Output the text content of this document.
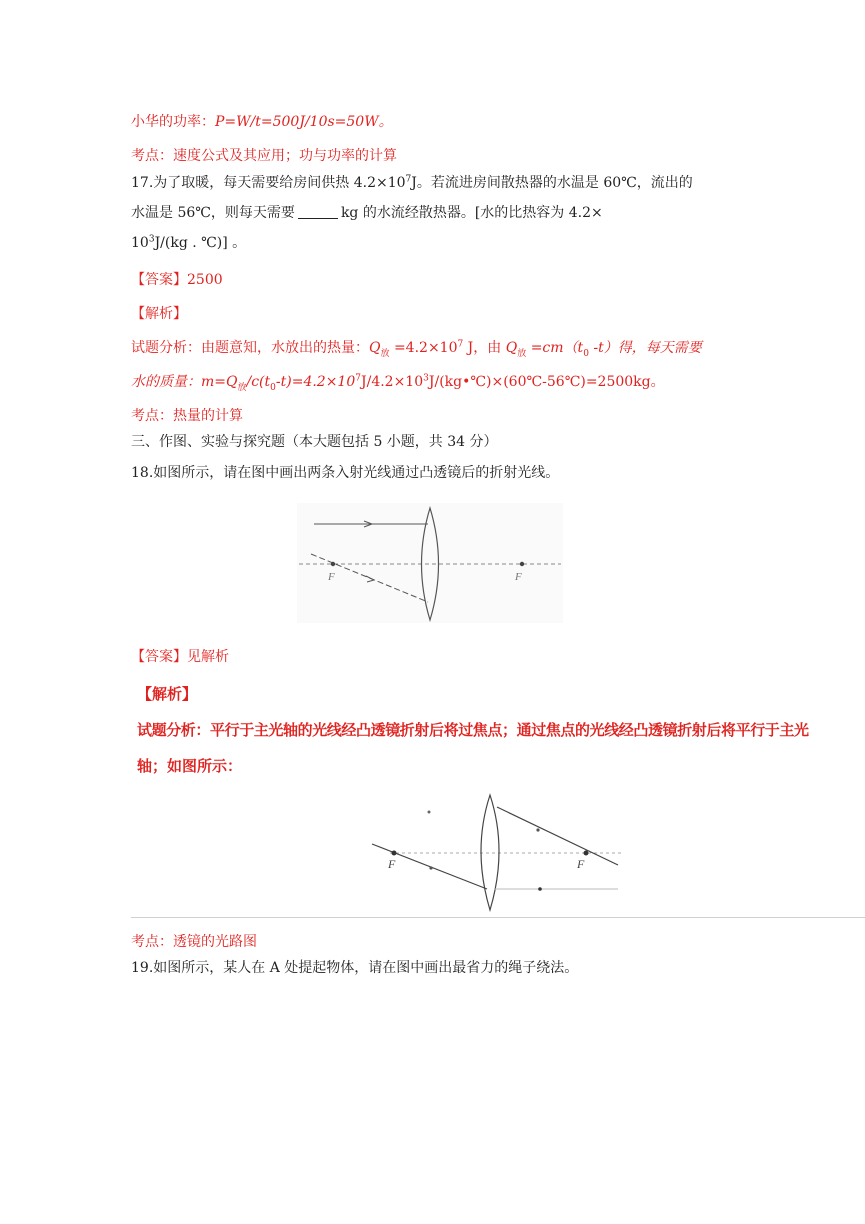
小华的功率：P=W/t=500J/10s=50W。
考点：速度公式及其应用；功与功率的计算
17.为了取暖，每天需要给房间供热 $4.2\times 10^7J$。若流进房间散热器的水温是 60℃，流出的
水温是 56℃，则每天需要	kg 的水流经散热器。[水的比热容为 4.2×
$10^3J/(kg$ . ℃)] 。
【答案】2500
【解析】
试题分析：由题意知，水放出的热量：$Q_放 =4.2\times 10^7$ J，由 $Q_放 =cm(t_0$ -t）得，每天需要
水的质量：$m=Q_放/c(t_0-t)=4.2\times 10^7J/4.2\times 10^3J/(kg•℃)\times(60℃-56℃)=2500kg$。
考点：热量的计算
三、作图、实验与探究题（本大题包括 5 小题，共 34 分）
18.如图所示，请在图中画出两条入射光线通过凸透镜后的折射光线。
F	F
【答案】见解析
【解析】
试题分析：平行于主光轴的光线经凸透镜折射后将过焦点；通过焦点的光线经凸透镜折射后将平行于主光
轴；如图所示：
F	F
考点：透镜的光路图
19.如图所示，某人在 A 处提起物体，请在图中画出最省力的绳子绕法。
